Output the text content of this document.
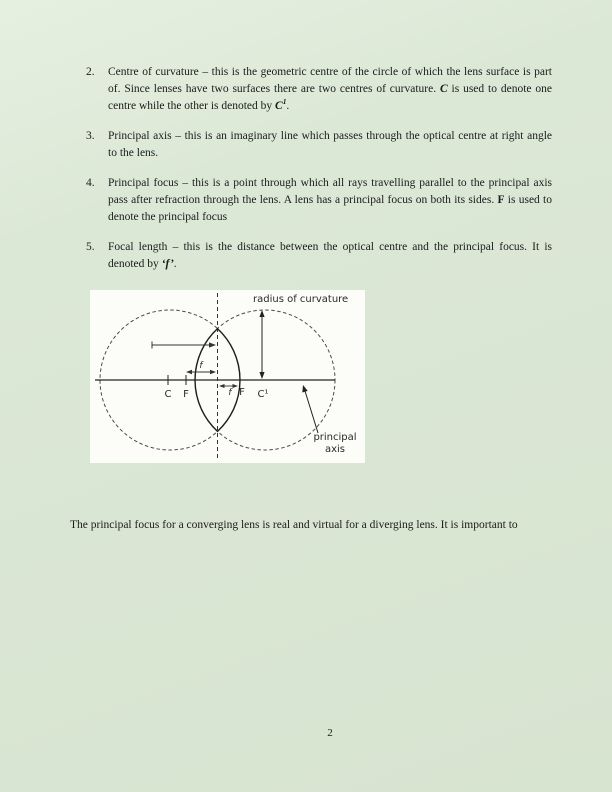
2.	Centre of curvature – this is the geometric centre of the circle of which the lens surface is part of. Since lenses have two surfaces there are two centres of curvature. C is used to denote one centre while the other is denoted by $C^1$.
3.	Principal axis – this is an imaginary line which passes through the optical centre at right angle to the lens.
4.	Principal focus – this is a point through which all rays travelling parallel to the principal axis pass after refraction through the lens. A lens has a principal focus on both its sides. F is used to denote the principal focus
5.	Focal length – this is the distance between the optical centre and the principal focus. It is denoted by ‘f’.
f
radius of curvature
C F	f F C¹
principal
axis

The principal focus for a converging lens is real and virtual for a diverging lens. It is important to

2
